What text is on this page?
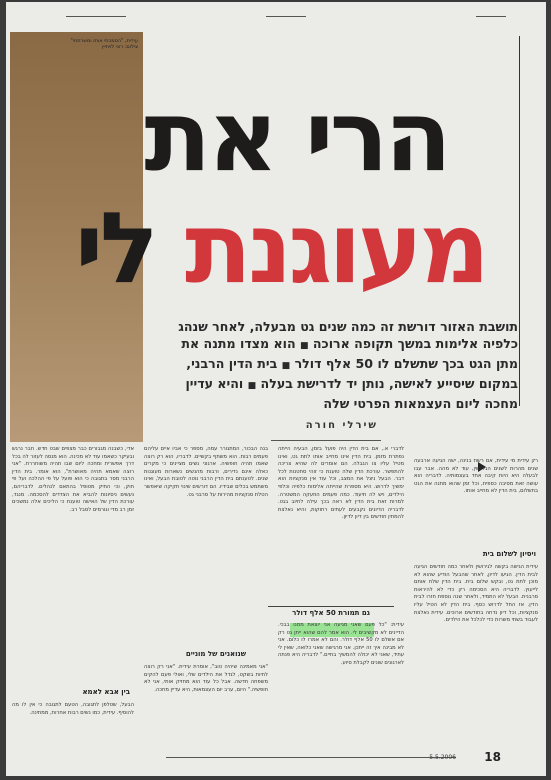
עידית, "הסמכתי אותו ומשרתתי" צילום: רוני לויתיין
הרי את
מעוגנת לי
תושבת האזור דורשת זה כמה שנים גט מבעלה, לאחר שנהג כלפיה אלימות במשך תקופה ארוכה ■ הוא מצדו מתנה את מתן הגט בכך שתשלם לו 50 אלף דולר ■ בית הדין הרבני, במקום שיסייע לאישה, נותן יד לדרישת בעלה ■ והיא עדיין מחכה ליום העצמאות הפרטי שלה
שירלי חורה
רק עידית מי עידית, אם רשת בנינה, ישה הגיעה ארבעה שנים מהרות לשנים הגירושין, עוד לא מהה. אבר עבו לבעלה היא היות קיבה אחד בעצמותיה. לדבריה הוא עושה זאת מסיבה כספית, וכל זמן שהוא מתנה את הגט בתשלום, בית הדין לא מחייב אותו.
ויסיון לשלום בית
עידית הגישה בקשה לגירושין ולאחר כמה חודשים הגיעה לבית הדין. הגיעו לדיון, לאחר שהבעל הודיע שהוא לא מוכן לתת גט, ובקש שלום בית. בית הדין שלח אותם לייעוץ. לדבריה היא הסכימה רק כדי לא להיראות סרבנית. הבעל לא התמיד, ולאחר שנה נוספת חזרו לבית הדין. אז החל לדרוש כסף. בית הדין לא הטיל עליו סנקציות, וכל דיון נדחה בחודשים ארוכים. עידית נאלצת לעבוד בשתי משרות כדי לכלכל את הילדים.
לדברי א., אם בית הדין היה פועל בזמן, הבעיה הייתה נפתרת מזמן. בית הדין אינו מחייב אותו לתת גט, ואינו מטיל עליו צו הגבלה. הם אומרים לה שהיא צריכה להתפשר. עורכת הדין שלה טוענת כי זוהי סחטנות לכל דבר. הבעל ניצל את המצב, וכל עוד אין סנקציות הוא ימשיך לדרוש. היא מספרת שהייתה אלימות כלפיה וכלפי הילדים, ויש לה תיעוד. כמה פעמים הוזעקה המשטרה. למרות זאת בית הדין לא ראה בכך עילה לחיוב בגט. לדבריה הדיונים נקבעים לעתים רחוקות, והיא נאלצת להמתין חודשים בין דיון לדיון.
גם תמורת 50 אלף דולר
עידית: "כל פעם שאני מגיעה אני יוצאת ממנו בבכי. הדיינים לא מקשיבים לי. הוא אמר להם שהוא ייתן גט רק אם אשלם לו 50 אלף דולר. והם לא אמרו לו כלום. אני לא מבינה איך זה ייתכן. אני מרגישה שאני כלואה, שאין לי עתיד, שאני לא יכולה להמשיך בחיים." לדבריה היא פנתה לארגונים שונים לקבלת סיוע.
בנה הבכור, המתגורר עמה, מספר כי אביו איים עליהם פעמים רבות. הוא משתף בקשיים. לדבריו, הוא רק רוצה שאמו תהיה חופשיה. ארגוני נשים מציינים כי מקרים כאלה אינם נדירים, ורבות מהנשים נשארות מעוגנות שנים. לטענתם בית הדין הרבני נוטה לטובת הבעל, ואינו משתמש בכלים שבידיו. הם דורשים שינוי חקיקה שיאפשר הטלת סנקציות מהירות על סרבני גט.
שנואנים של מוניים
"אני מאמינה שיהיה טוב", אומרת עידית. "אני רק רוצה לחיות בשקט, לגדל את הילדים שלי, ואולי פעם להקים משפחה חדשה. אבל כל עוד הוא מחזיק אותי, אני לא חופשיה." היום, ערב יום העצמאות, היא עדיין מחכה.
אדי, כשבנה מגבורים כבר מצפים שבט חדש. חבר נרגש ובעיקר כשאמו עוד לא מכינה. הוא מנסה לעזור לה בכל דרך אפשרית ומחכה ליום שבו תהיה משוחררת. "אני רוצה שאמא תהיה מאושרת", הוא אומר. בית הדין הרבני מסר בתגובה כי הוא פועל על פי ההלכה ועל פי חוק, וכי התיק מטופל בהתאם לנהלים. לדבריהם, נעשים ניסיונות להביא את הצדדים להסכמה. מנגד, עורכת הדין של האישה טוענת כי הליכים אלה נמשכים זמן רב מדי וגורמים לסבל רב.
בין אבא לאמא
הבעל, שטלפן לתגובה, הטעם לתגובה כי אין לו מה להוסיף. עידית, כמו נשים רבות אחרות, ממתינה.
5.5.2006 18
